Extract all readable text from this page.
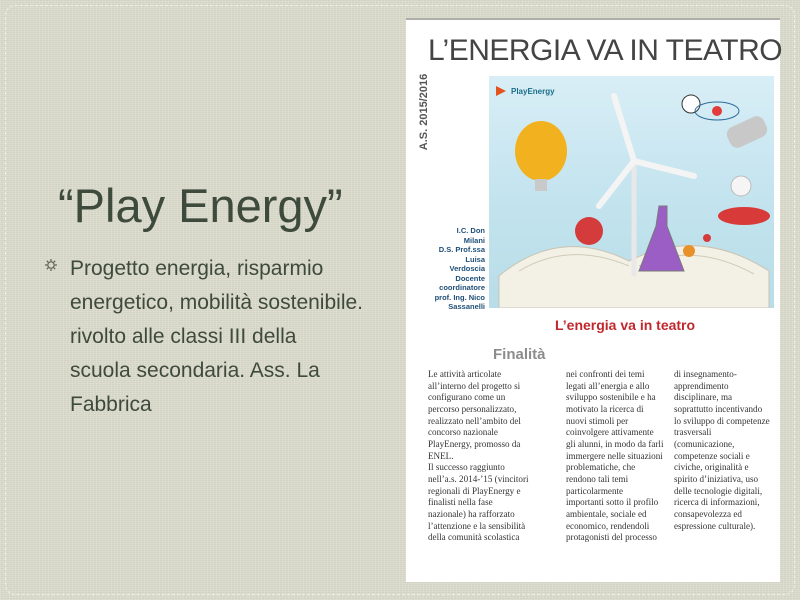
“Play Energy”
Progetto energia, risparmio
energetico, mobilità sostenibile.
rivolto alle classi III della
scuola secondaria. Ass. La
Fabbrica
L’ENERGIA VA IN TEATRO
A.S. 2015/2016	PlayEnergy
I.C. Don
Milani
D.S. Prof.ssa
Luisa
Verdoscia
Docente
coordinatore
prof. Ing. Nico
Sassanelli
L’energia va in teatro
Finalità
Le attività articolate
all’interno del progetto si
configurano come un
percorso personalizzato,
realizzato nell’ambito del
concorso nazionale
PlayEnergy, promosso da
ENEL.
Il successo raggiunto
nell’a.s. 2014-’15 (vincitori
regionali di PlayEnergy e
finalisti nella fase
nazionale) ha rafforzato
l’attenzione e la sensibilità
della comunità scolastica
nei confronti dei temi
legati all’energia e allo
sviluppo sostenibile e ha
motivato la ricerca di
nuovi stimoli per
coinvolgere attivamente
gli alunni, in modo da farli
immergere nelle situazioni
problematiche, che
rendono tali temi
particolarmente
importanti sotto il profilo
ambientale, sociale ed
economico, rendendoli
protagonisti del processo
di insegnamento-
apprendimento
disciplinare, ma
soprattutto incentivando
lo sviluppo di competenze
trasversali
(comunicazione,
competenze sociali e
civiche, originalità e
spirito d’iniziativa, uso
delle tecnologie digitali,
ricerca di informazioni,
consapevolezza ed
espressione culturale).
